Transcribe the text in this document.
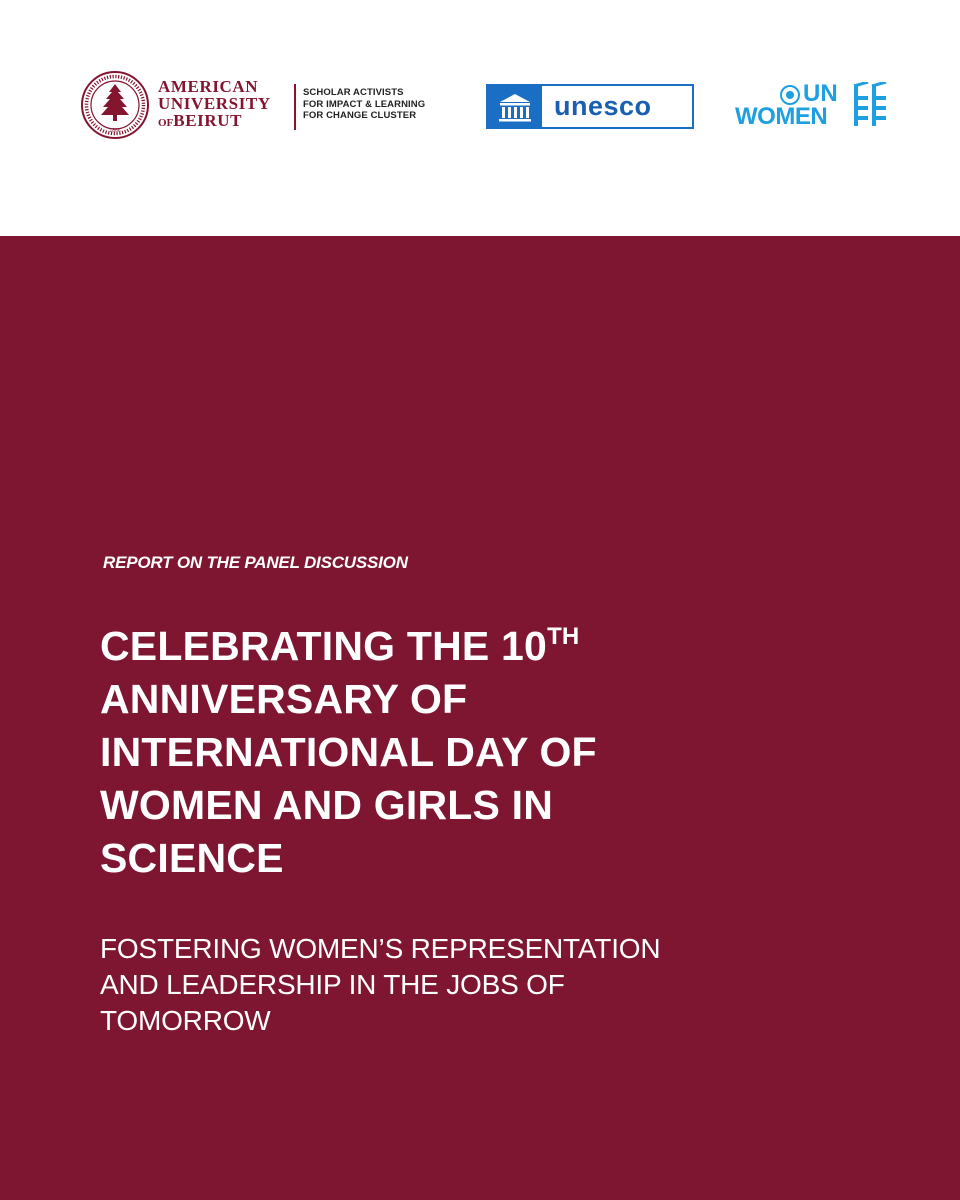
1866
AMERICAN
UNIVERSITY
OFBEIRUT
SCHOLAR ACTIVISTS
FOR IMPACT & LEARNING
FOR CHANGE CLUSTER	unesco	UN
WOMEN
REPORT ON THE PANEL DISCUSSION
CELEBRATING THE 10TH
ANNIVERSARY OF
INTERNATIONAL DAY OF
WOMEN AND GIRLS IN
SCIENCE
FOSTERING WOMEN’S REPRESENTATION
AND LEADERSHIP IN THE JOBS OF
TOMORROW
